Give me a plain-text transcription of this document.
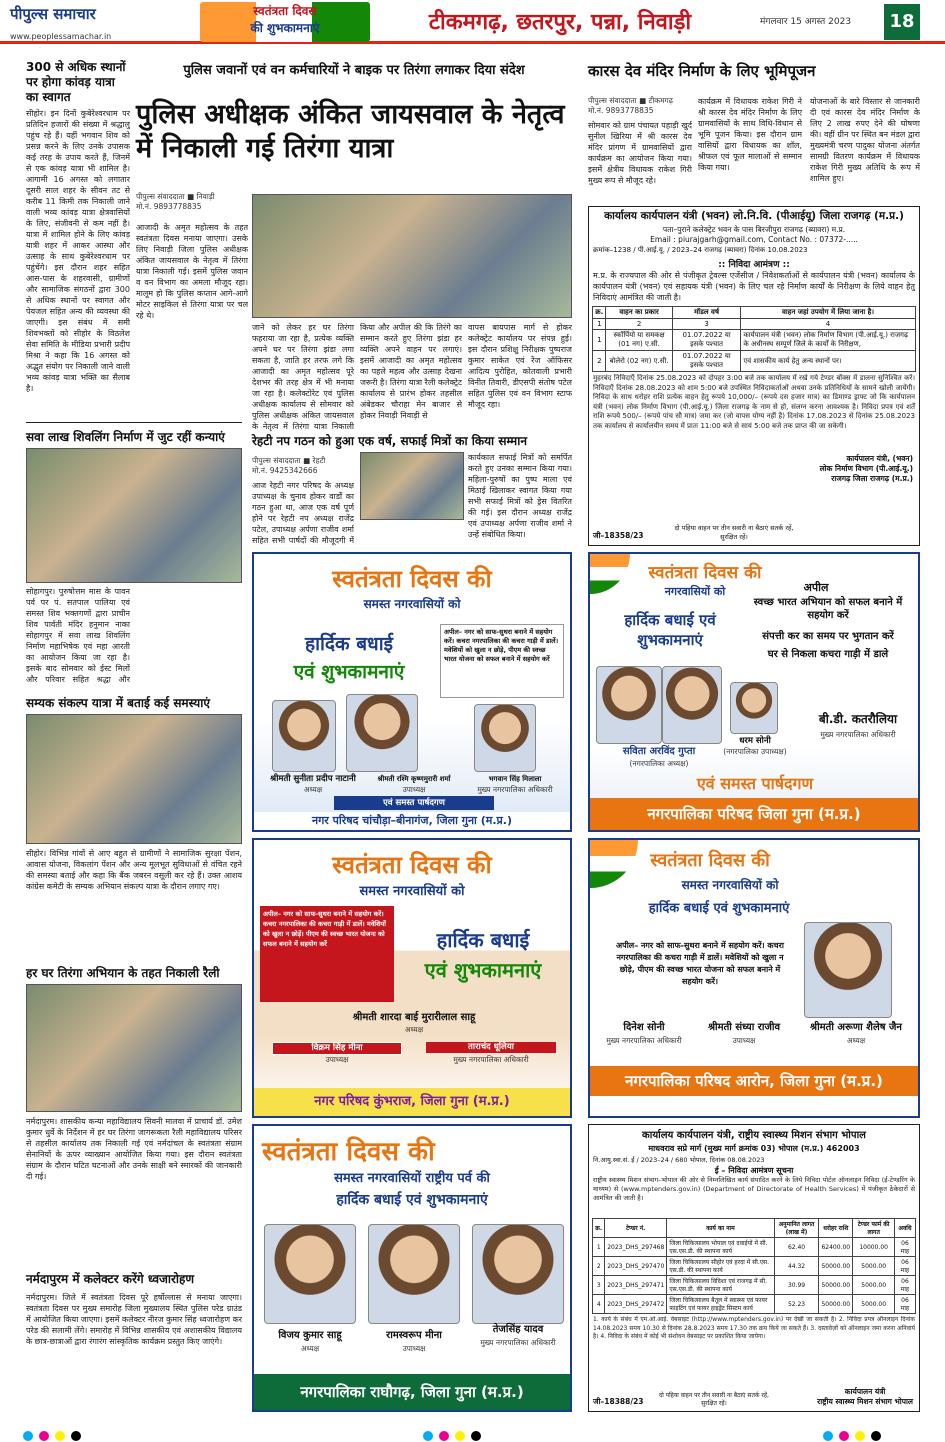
पीपुल्स समाचार
www.peoplessamachar.in
स्वतंत्रता दिवस
की शुभकामनाएं	टीकमगढ़, छतरपुर, पन्ना, निवाड़ी	मंगलवार 15 अगस्त 2023	18
300 से अधिक स्थानों पर होगा कांवड़ यात्रा का स्वागत
सीहोर। इन दिनों कुबेरेश्वरधाम पर प्रतिदिन हजारों की संख्या में श्रद्धालु पहुंच रहे हैं। यहीं भगवान शिव को प्रसन्न करने के लिए उनके उपासक कई तरह के उपाय करते हैं, जिनमें से एक कांवड़ यात्रा भी शामिल है। आगामी 16 अगस्त को लगातार दूसरी साल शहर के सीवन तट से करीब 11 किमी तक निकाली जाने वाली भव्य कांवड़ यात्रा क्षेत्रवासियों के लिए, संजीवनी से कम नहीं है। यात्रा में शामिल होने के लिए कांवड़ यात्री शहर में आकर आस्था और उत्साह के साथ कुबेरेश्वरधाम पर पहुंचेंगे। इस दौरान शहर सहित आस-पास के शहरवासी, ग्रामीणों और सामाजिक संगठनों द्वारा 300 से अधिक स्थानों पर स्वागत और पेयजल सहित अन्य की व्यवस्था की जाएगी। इस संबंध में समी शिवभक्तों को सीहोर के विठलेश सेवा समिति के मीडिया प्रभारी प्रदीप मिश्रा ने कहा कि 16 अगस्त को अद्भुत संयोग पर निकाली जाने वाली भव्य कांवड़ यात्रा भक्ति का सैलाब है।
सवा लाख शिवलिंग निर्माण में जुट रहीं कन्याएं
सोहागपुर। पुरुषोत्तम मास के पावन पर्व पर पं. सतपाल पालिया एवं समस्त शिव भक्तगणों द्वारा प्राचीन शिव पार्वती मंदिर हनुमान नाका सोहागपुर में सवा लाख शिवलिंग निर्माण महाभिषेक एवं महा आरती का आयोजन किया जा रहा है। इसके बाद सोमवार को ईस्ट मिलों और परिवार सहित श्रद्धा और
सम्यक संकल्प यात्रा में बताई कई समस्याएं
सीहोर। विभिन्न गांवों से आए बहुत से ग्रामीणों ने सामाजिक सुरक्षा पेंशन, आवास योजना, विकलांग पेंशन और अन्य मूलभूत सुविधाओं से वंचित रहने की समस्या बताई और कहा कि बैंक जबरन वसूली कर रहे हैं। उक्त आशय कांग्रेस कमेटी के सम्यक अभियान संकल्प यात्रा के दौरान लगाए गए।
हर घर तिरंगा अभियान के तहत निकाली रैली
नर्मदापुरम। शासकीय कन्या महाविद्यालय सिवनी मालवा में प्राचार्य डॉ. उमेश कुमार धुर्वे के निर्देशन में हर घर तिरंगा जागरूकता रैली महाविद्यालय परिसर से तहसील कार्यालय तक निकाली गई एवं नर्मदांचल के स्वतंत्रता संग्राम सेनानियों के ऊपर व्याख्यान आयोजित किया गया। इस दौरान स्वतंत्रता संग्राम के दौरान घटित घटनाओं और उनके साक्षी बने स्मारकों की जानकारी दी गई।
नर्मदापुरम में कलेक्टर करेंगे ध्वजारोहण
नर्मदापुरम। जिले में स्वतंत्रता दिवस पूरे हर्षोल्लास से मनाया जाएगा। स्वतंत्रता दिवस पर मुख्य समारोह जिला मुख्यालय स्थित पुलिस परेड ग्राउंड में आयोजित किया जाएगा। इसमें कलेक्टर नीरज कुमार सिंह ध्वजारोहण कर परेड की सलामी लेंगे। समारोह में विभिन्न शासकीय एवं अशासकीय विद्यालय के छात्र-छात्राओं द्वारा रंगारंग सांस्कृतिक कार्यक्रम प्रस्तुत किए जाएंगे।
पुलिस जवानों एवं वन कर्मचारियों ने बाइक पर तिरंगा लगाकर दिया संदेश
पुलिस अधीक्षक अंकित जायसवाल के नेतृत्व में निकाली गई तिरंगा यात्रा
पीपुल्स संवाददाता ■ निवाड़ी
मो.नं. 9893778835
आजादी के अमृत महोत्सव के तहत स्वतंत्रता दिवस मनाया जाएगा। उसके लिए निवाड़ी जिला पुलिस अधीक्षक अंकित जायसवाल के नेतृत्व में तिरंगा यात्रा निकाली गई। इसमें पुलिस जवान व वन विभाग का अमला मौजूद रहा। मालूम हो कि पुलिस कप्तान आगे-आगे मोटर साइकिल से तिरंगा यात्रा पर चल रहे थे।
जाने को लेकर हर घर तिरंगा फहराया जा रहा है, प्रत्येक व्यक्ति अपने घर पर तिरंगा झंडा लगा सकता है, जाति हर तरफ लगे कि आजादी का अमृत महोत्सव पूरे देशभर की तरह क्षेत्र में भी मनाया जा रहा है। कलेक्टोरेट एवं पुलिस अधीक्षक कार्यालय से सोमवार को पुलिस अधीक्षक अंकित जायसवाल के नेतृत्व में तिरंगा यात्रा निकाली
किया और अपील की कि तिरंगे का सम्मान करते हुए तिरंगा झंडा हर व्यक्ति अपने वाहन पर लगाएं। इसमें आजादी का अमृत महोत्सव का पहले महत्व और उत्साह देखना जरूरी है। तिरंगा यात्रा रैली कलेक्ट्रेट कार्यालय से प्रारंभ होकर तहसील अंबेडकर चौराहा मेन बाजार से होकर निवाड़ी निवाड़ी से
वापस बायपास मार्ग से होकर कलेक्ट्रेट कार्यालय पर संपन्न हुई। इस दौरान प्रशिक्षु निरीक्षक पुष्पराज कुमार साकेत एवं रेंज ऑफिसर आदित्य पुरोहित, कोतवाली प्रभारी विनीत तिवारी, डीएसपी संतोष पटेल सहित पुलिस एवं वन विभाग स्टाफ मौजूद रहा।
रेहटी नप गठन को हुआ एक वर्ष, सफाई मित्रों का किया सम्मान
पीपुल्स संवाददाता ■ रेहटी
मो.नं. 9425342666
आज रेहटी नगर परिषद के अध्यक्ष उपाध्यक्ष के चुनाव होकर वार्डों का गठन हुआ था, आज एक वर्ष पूर्ण होने पर रेहटी नप अध्यक्ष राजेंद्र पटेल, उपाध्यक्ष अर्पणा राजीव शर्मा सहित सभी पार्षदों की मौजूदगी में
कार्यकाल सफाई मित्रों को समर्पित करते हुए उनका सम्मान किया गया। महिला-पुरुषों का पुष्प माला एवं मिठाई खिलाकर स्वागत किया गया सभी सफाई मित्रों को ड्रेस वितरित की गई। इस दौरान अध्यक्ष राजेंद्र एवं उपाध्यक्ष अर्पणा राजीव शर्मा ने उन्हें संबोधित किया।
कारस देव मंदिर निर्माण के लिए भूमिपूजन
पीपुल्स संवाददाता ■ टीकमगढ़
मो.नं. 9893778835
सोमवार को ग्राम पंचायत पहाड़ी खुर्द सुनील खिरिया में श्री कारस देव मंदिर प्रांगण में ग्रामवासियों द्वारा कार्यक्रम का आयोजन किया गया। इसमें क्षेत्रीय विधायक राकेश गिरी मुख्य रूप से मौजूद रहे।
कार्यक्रम में विधायक राकेश गिरी ने श्री कारस देव मंदिर निर्माण के लिए ग्रामवासियों के साथ विधि-विधान से भूमि पूजन किया। इस दौरान ग्राम वासियों द्वारा विधायक का शॉल, श्रीफल एवं फूल मालाओं से सम्मान किया गया।
योजनाओं के बारे विस्तार से जानकारी दी एवं कारस देव मंदिर निर्माण के लिए 2 लाख रुपए देने की घोषणा की। वहीं ग्रीन पर स्थित बन मंडल द्वारा मुख्यमंत्री चरण पादुका योजना अंतर्गत सामग्री वितरण कार्यक्रम में विधायक राकेश गिरी मुख्य अतिथि के रूप में शामिल हुए।
कार्यालय कार्यपालन यंत्री (भवन) लो.नि.वि. (पीआईयू) जिला राजगढ़ (म.प्र.)
पता–पुराने कलेक्ट्रेट भवन के पास बिरजीपुरा राजगढ़ (ब्यावरा) म.प्र.
Email : piurajgarh@gmail.com, Contact No. : 07372-.....
क्रमांक–1238 / पी.आई.यू. / 2023–24 राजगढ़ (ब्यावरा) दिनांक 10.08.2023
:: निविदा आमंत्रण ::
म.प्र. के राज्यपाल की ओर से पंजीकृत ट्रेवल्स एजेंसीज / निवेशकर्ताओं से कार्यपालन यंत्री (भवन) कार्यालय के कार्यपालन यंत्री (भवन) एवं सहायक यंत्री (भवन) के लिए चल रहे निर्माण कार्यों के निरीक्षण के लिये वाहन हेतु निविदाएं आमंत्रित की जाती है।
क्र.	वाहन का प्रकार	मॉडल वर्ष	वाहन जहां उपयोग में लिया जाना है।
1	2	3	4
1	स्कॉर्पियो या समकक्ष (01 नग) ए.सी.	01.07.2022 या इसके पश्चात	कार्यपालन यंत्री (भवन) लोक निर्माण विभाग (पी.आई.यू.) राजगढ़ के अधीनस्थ सम्पूर्ण जिले के कार्यों के निरीक्षण,
2	बोलेरो (02 नग) ए.सी.	01.07.2022 या इसके पश्चात	एवं शासकीय कार्य हेतु अन्य स्थानों पर।
मुहरबंद निविदाएँ दिनांक 25.08.2023 को दोपहर 3:00 बजे तक कार्यालय में रखे गये टेण्डर बॉक्स में डालना सुनिश्चित करें। निविदाएँ दिनांक 28.08.2023 को शाम 5:00 बजे उपस्थित निविदाकर्ताओं अथवा उनके प्रतिनिधियों के सामने खोली जायेंगी। निविदा के साथ धरोहर राशि प्रत्येक वाहन हेतु रूपये 10,000/– (रूपये दस हजार मात्र) का डिमाण्ड ड्राफ्ट जो कि कार्यपालन यंत्री (भवन) लोक निर्माण विभाग (पी.आई.यू.) जिला राजगढ़ के नाम से हो, संलग्न करना आवश्यक है। निविदा प्रपत्र एवं शर्तें राशि रूपये 500/– (रूपये पांच सौ मात्र) जमा कर (जो वापस योग्य नहीं है) दिनांक 17.08.2023 से दिनांक 25.08.2023 तक कार्यालय से कार्यालयीन समय में प्रातः 11:00 बजे से सायं 5:00 बजे तक प्राप्त की जा सकेगी।
कार्यपालन यंत्री, (भवन)
लोक निर्माण विभाग (पी.आई.यू.)
राजगढ़ जिला राजगढ़ (म.प्र.)
जी–18358/23
दो पहिया वाहन पर तीन सवारी ना बैठाएं सतर्क रहें, सुरक्षित रहें।
स्वतंत्रता दिवस की
समस्त नगरवासियों को
हार्दिक बधाई
एवं शुभकामनाएं
अपील– नगर को साफ-सुथरा बनाने में सहयोग करें। कचरा नगरपालिका की कचरा गाड़ी में डालें। मवेशियों को खुला न छोड़े, पीएम की स्वच्छ भारत योजना को सफल बनाने में सहयोग करें
श्रीमती सुनीता प्रदीप नाटानी
अध्यक्ष
श्रीमती रश्मि कृष्णमुरारी शर्मा
उपाध्यक्ष
भगवान सिंह मिलाला
मुख्य नगरपालिका अधिकारी
एवं समस्त पार्षदगण
नगर परिषद चांचौड़ा–बीनागंज, जिला गुना (म.प्र.)
स्वतंत्रता दिवस की
नगरवासियों को
हार्दिक बधाई एवं शुभकामनाएं
अपील
स्वच्छ भारत अभियान को सफल बनाने में सहयोग करें
संपत्ती कर का समय पर भुगतान करें
घर से निकला कचरा गाड़ी में डाले
सविता अरविंद गुप्ता
(नगरपालिका अध्यक्ष)
धरम सोनी
(नगरपालिका उपाध्यक्ष)
बी.डी. कतरौलिया
मुख्य नगरपालिका अधिकारी
एवं समस्त पार्षदगण
नगरपालिका परिषद जिला गुना (म.प्र.)
स्वतंत्रता दिवस की
समस्त नगरवासियों को
अपील– नगर को साफ-सुथरा बनाने में सहयोग करें। कचरा नगरपालिका की कचरा गाड़ी में डालें। मवेशियों को खुला न छोड़ें। पीएम की स्वच्छ भारत योजना को सफल बनाने में सहयोग करें	हार्दिक बधाई
एवं शुभकामनाएं
श्रीमती शारदा बाई मुरारीलाल साहू
अध्यक्ष
विक्रम सिंह मीना
उपाध्यक्ष
ताराचंद धूलिया
मुख्य नगरपालिका अधिकारी
नगर परिषद कुंभराज, जिला गुना (म.प्र.)
स्वतंत्रता दिवस की
समस्त नगरवासियों को
हार्दिक बधाई एवं शुभकामनाएं
अपील– नगर को साफ-सुथरा बनाने में सहयोग करें। कचरा नगरपालिका की कचरा गाड़ी में डालें। मवेशियों को खुला न छोड़े, पीएम की स्वच्छ भारत योजना को सफल बनाने में सहयोग करें।
दिनेश सोनी
मुख्य नगरपालिका अधिकारी
श्रीमती संध्या राजीव
उपाध्यक्ष
श्रीमती अरूणा शैलेष जैन
अध्यक्ष
नगरपालिका परिषद आरोन, जिला गुना (म.प्र.)
स्वतंत्रता दिवस की
समस्त नगरवासियों राष्ट्रीय पर्व की
हार्दिक बधाई एवं शुभकामनाएं
विजय कुमार साहू
अध्यक्ष
रामस्वरूप मीना
उपाध्यक्ष
तेजसिंह यादव
मुख्य नगरपालिका अधिकारी
नगरपालिका राघौगढ़, जिला गुना (म.प्र.)
कार्यालय कार्यपालन यंत्री, राष्ट्रीय स्वास्थ्य मिशन संभाग भोपाल
माधवराव सप्रे मार्ग (मुख्य मार्ग क्रमांक 03) भोपाल (म.प्र.) 462003
नि.आयु.स्वा.सं. ई / 2023–24 / 680 भोपाल, दिनांक 08.08.2023
ई – निविदा आमंत्रण सूचना
राष्ट्रीय स्वास्थ्य मिशन संभाग–भोपाल की ओर से निम्नलिखित कार्य संपादित करने के लिये निविदा पोर्टल ऑनलाइन निविदा (ई-टेण्डरिंग के माध्यम) से (www.mptenders.gov.in) (Department of Directorate of Health Services) में पंजीकृत ठेकेदारों से आमंत्रित की जाती है।
क्र.	टेण्डर नं.	कार्य का नाम	अनुमानित लागत (लाख में)	धरोहर राशि	टेण्डर फार्म की लागत	अवधि
1	2023_DHS_297468	जिला चिकित्सालय भोपाल एवं दवाईयों में सी. एस.एस.डी. की स्थापना कार्य	62.40	62400.00	10000.00	06 माह
2	2023_DHS_297470	जिला चिकित्सालय सीहोर एवं हरदा में सी.एस. एस.डी. की स्थापना कार्य	44.32	50000.00	5000.00	06 माह
3	2023_DHS_297471	जिला चिकित्सालय विदिशा एवं राजगढ़ में सी. एस.एस.डी. की स्थापना कार्य	30.99	50000.00	5000.00	06 माह
4	2023_DHS_297472	जिला चिकित्सालय बैतूल में स्वास्थ्य एवं फायर फाइटिंग एवं फायर हाइड्रेंट सिस्टम कार्य	52.23	50000.00	5000.00	06 माह
1. कार्य के संबंध में एम.ओ.आई. वेबसाइट (http://www.mptenders.gov.in) पर देखी जा सकती है। 2. निविदा प्रपत्र ऑनलाइन दिनांक 14.08.2023 समय 10.30 से दिनांक 28.8.2023 समय 17.30 तक क्रय किये जा सकते हैं। 3. दस्तावेज़ों को ऑनलाइन जमा करना अनिवार्य है। 4. निविदा के संबंध में कोई भी संशोधन वेबसाइट पर प्रकाशित किया जायेगा।
कार्यपालन यंत्री
राष्ट्रीय स्वास्थ्य मिशन संभाग भोपाल
जी–18388/23
दो पहिया वाहन पर तीन सवारी ना बैठाएं सतर्क रहें, सुरक्षित रहें।
